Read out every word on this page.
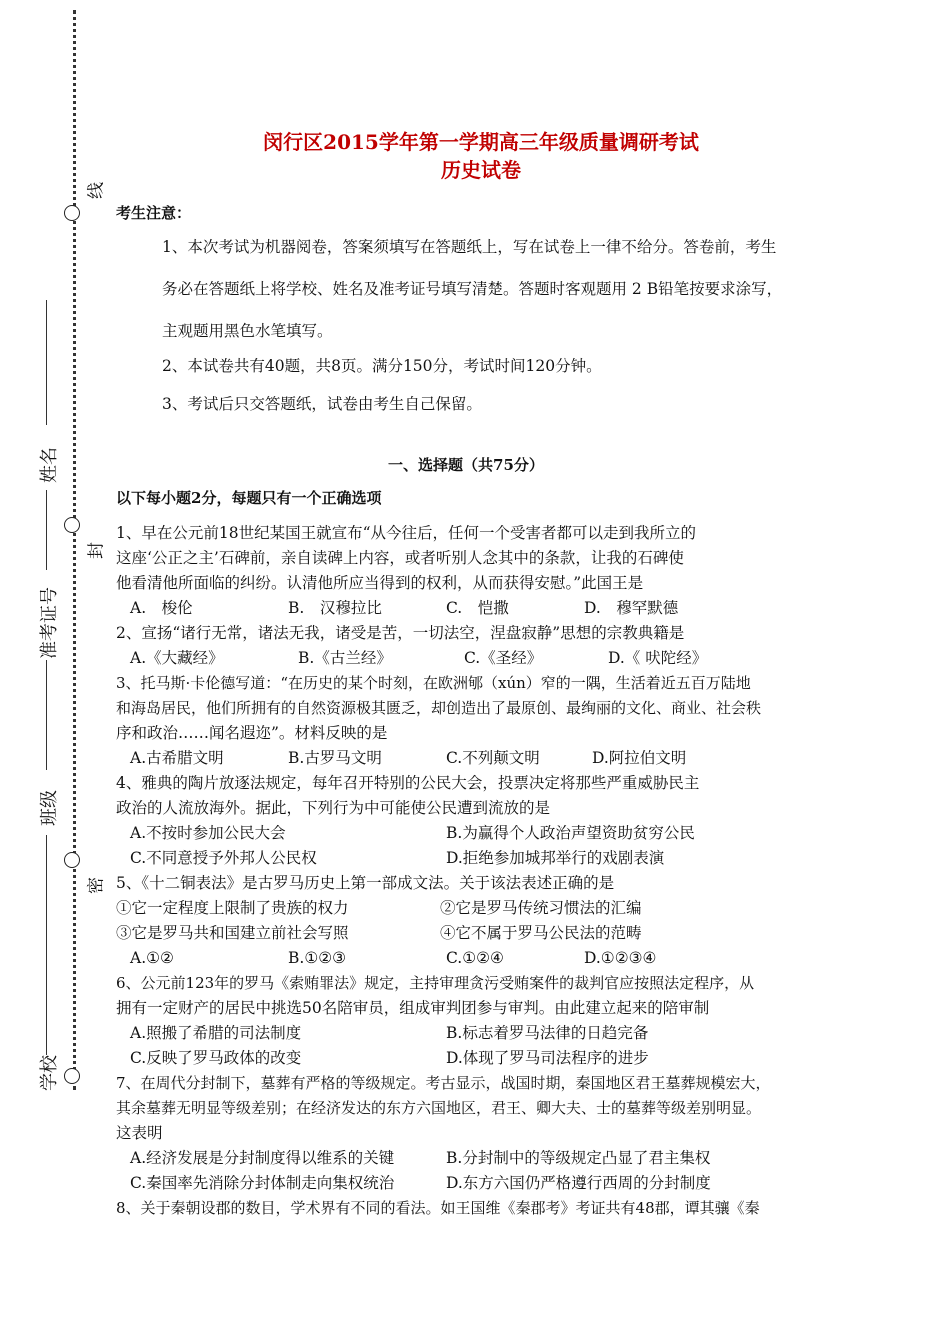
线
封
密
姓名
准考证号
班级
学校
闵行区2015学年第一学期高三年级质量调研考试
历史试卷
考生注意：
1、本次考试为机器阅卷，答案须填写在答题纸上，写在试卷上一律不给分。答卷前，考生
务必在答题纸上将学校、姓名及准考证号填写清楚。答题时客观题用 2 B铅笔按要求涂写，
主观题用黑色水笔填写。
2、本试卷共有40题，共8页。满分150分，考试时间120分钟。
3、考试后只交答题纸，试卷由考生自己保留。
一、选择题（共75分）
以下每小题2分，每题只有一个正确选项
1、早在公元前18世纪某国王就宣布“从今往后，任何一个受害者都可以走到我所立的
这座‘公正之主’石碑前，亲自读碑上内容，或者听别人念其中的条款，让我的石碑使
他看清他所面临的纠纷。认清他所应当得到的权利，从而获得安慰。”此国王是
A.　梭伦	B.　汉穆拉比	C.　恺撒	D.　穆罕默德
2、宣扬“诸行无常，诸法无我，诸受是苦，一切法空，涅盘寂静”思想的宗教典籍是
A.《大藏经》	B.《古兰经》	C.《圣经》	D.《 吠陀经》
3、托马斯·卡伦德写道：“在历史的某个时刻，在欧洲郇（xún）窄的一隅，生活着近五百万陆地
和海岛居民，他们所拥有的自然资源极其匮乏，却创造出了最原创、最绚丽的文化、商业、社会秩
序和政治……闻名遐迩”。材料反映的是
A.古希腊文明	B.古罗马文明	C.不列颠文明	D.阿拉伯文明
4、雅典的陶片放逐法规定，每年召开特别的公民大会，投票决定将那些严重威胁民主
政治的人流放海外。据此，下列行为中可能使公民遭到流放的是
A.不按时参加公民大会	B.为赢得个人政治声望资助贫穷公民
C.不同意授予外邦人公民权	D.拒绝参加城邦举行的戏剧表演
5、《十二铜表法》是古罗马历史上第一部成文法。关于该法表述正确的是
①它一定程度上限制了贵族的权力	②它是罗马传统习惯法的汇编
③它是罗马共和国建立前社会写照	④它不属于罗马公民法的范畴
A.①②	B.①②③	C.①②④	D.①②③④
6、公元前123年的罗马《索贿罪法》规定，主持审理贪污受贿案件的裁判官应按照法定程序，从
拥有一定财产的居民中挑选50名陪审员，组成审判团参与审判。由此建立起来的陪审制
A.照搬了希腊的司法制度	B.标志着罗马法律的日趋完备
C.反映了罗马政体的改变	D.体现了罗马司法程序的进步
7、在周代分封制下，墓葬有严格的等级规定。考古显示，战国时期，秦国地区君王墓葬规模宏大，
其余墓葬无明显等级差别；在经济发达的东方六国地区，君王、卿大夫、士的墓葬等级差别明显。
这表明
A.经济发展是分封制度得以维系的关键	B.分封制中的等级规定凸显了君主集权
C.秦国率先消除分封体制走向集权统治	D.东方六国仍严格遵行西周的分封制度
8、关于秦朝设郡的数目，学术界有不同的看法。如王国维《秦郡考》考证共有48郡，谭其骧《秦
